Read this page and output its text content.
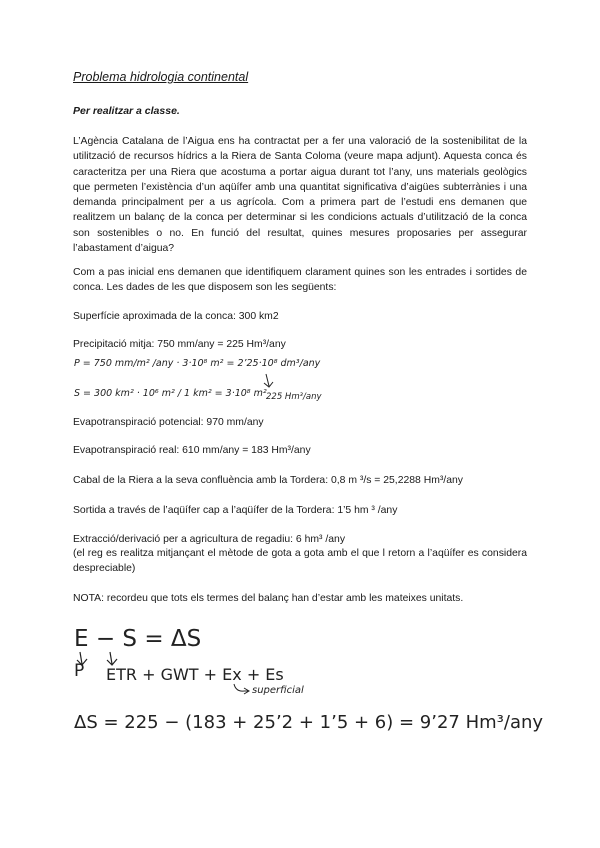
Problema hidrologia continental
Per realitzar a classe.

L’Agència Catalana de l’Aigua ens ha contractat per a fer una valoració de la sostenibilitat de la utilització de recursos hídrics a la Riera de Santa Coloma (veure mapa adjunt). Aquesta conca és caracteritza per una Riera que acostuma a portar aigua durant tot l’any, uns materials geològics que permeten l’existència d’un aqüífer amb una quantitat significativa d’aigües subterrànies i una demanda principalment per a us agrícola. Com a primera part de l’estudi ens demanen que realitzem un balanç de la conca per determinar si les condicions actuals d’utilització de la conca son sostenibles o no. En funció del resultat, quines mesures proposaries per assegurar l’abastament d’aigua?

Com a pas inicial ens demanen que identifiquem clarament quines son les entrades i sortides de conca. Les dades de les que disposem son les següents:

Superfície aproximada de la conca: 300 km2
Precipitació mitja: 750 mm/any = 225 Hm³/any
P = 750 mm/m² /any · 3·10⁸ m² = 2’25·10⁸ dm³/any
S = 300 km² · 10⁶ m² / 1 km² = 3·10⁸ m² 225 Hm³/any
Evapotranspiració potencial: 970 mm/any
Evapotranspiració real: 610 mm/any = 183 Hm³/any
Cabal de la Riera a la seva confluència amb la Tordera: 0,8 m ³/s = 25,2288 Hm³/any
Sortida a través de l’aqüífer cap a l’aqüífer de la Tordera: 1’5 hm ³ /any
Extracció/derivació per a agricultura de regadiu: 6 hm³ /any

(el reg es realitza mitjançant el mètode de gota a gota amb el que l retorn a l’aqüífer es considera despreciable)

NOTA: recordeu que tots els termes del balanç han d’estar amb les mateixes unitats.
E − S = ΔS
P ETR + GWT + Ex + Es
superficial
ΔS = 225 − (183 + 25’2 + 1’5 + 6) = 9’27 Hm³/any
